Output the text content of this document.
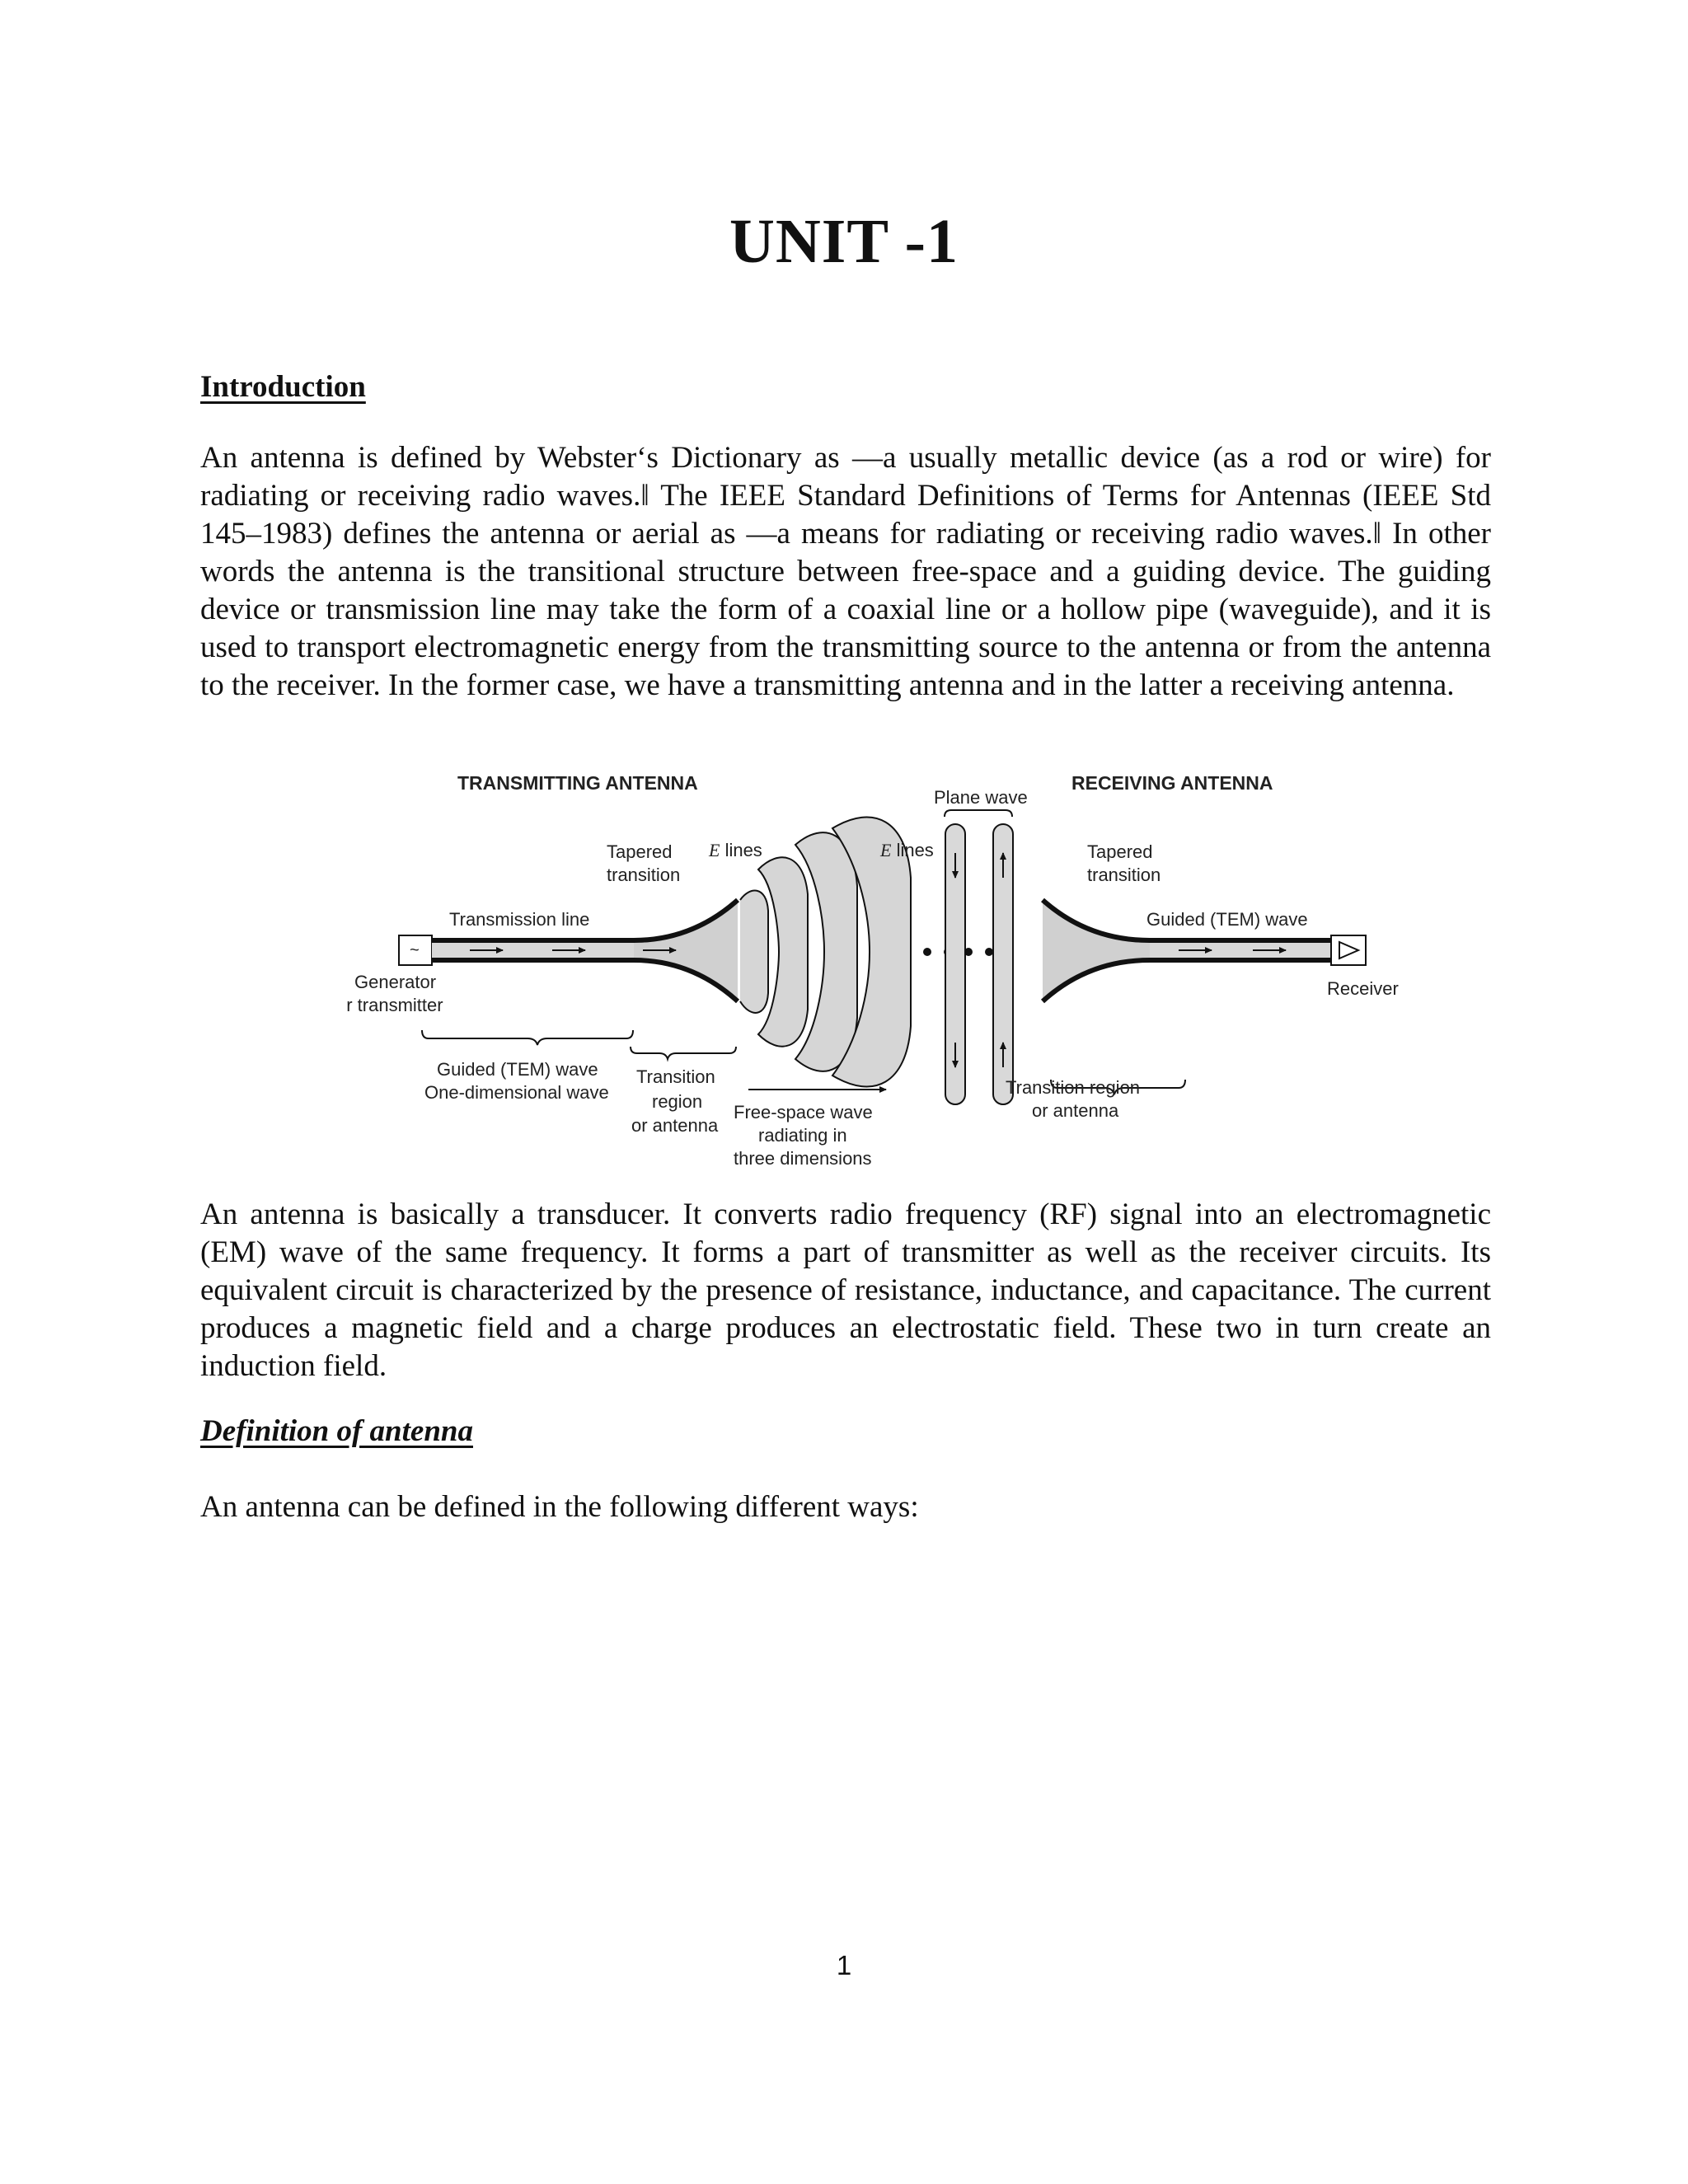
UNIT -1
Introduction

An antenna is defined by Webster‘s Dictionary as ―a usually metallic device (as a rod or wire) for radiating or receiving radio waves.‖ The IEEE Standard Definitions of Terms for Antennas (IEEE Std 145–1983) defines the antenna or aerial as ―a means for radiating or receiving radio waves.‖ In other words the antenna is the transitional structure between free-space and a guiding device. The guiding device or transmission line may take the form of a coaxial line or a hollow pipe (waveguide), and it is used to transport electromagnetic energy from the transmitting source to the antenna or from the antenna to the receiver. In the former case, we have a transmitting antenna and in the latter a receiving antenna.

TRANSMITTING ANTENNA	RECEIVING ANTENNA
Plane wave
~
Tapered
transition
E lines	E lines	Tapered
transition
Transmission line	Guided (TEM) wave
Generator
or transmitter
Receiver
Guided (TEM) wave
One-dimensional wave
Transition
region
or antenna
Free-space wave
radiating in
three dimensions
Transition region
or antenna

An antenna is basically a transducer. It converts radio frequency (RF) signal into an electromagnetic (EM) wave of the same frequency. It forms a part of transmitter as well as the receiver circuits. Its equivalent circuit is characterized by the presence of resistance, inductance, and capacitance. The current produces a magnetic field and a charge produces an electrostatic field. These two in turn create an induction field.

Definition of antenna

An antenna can be defined in the following different ways:

1
